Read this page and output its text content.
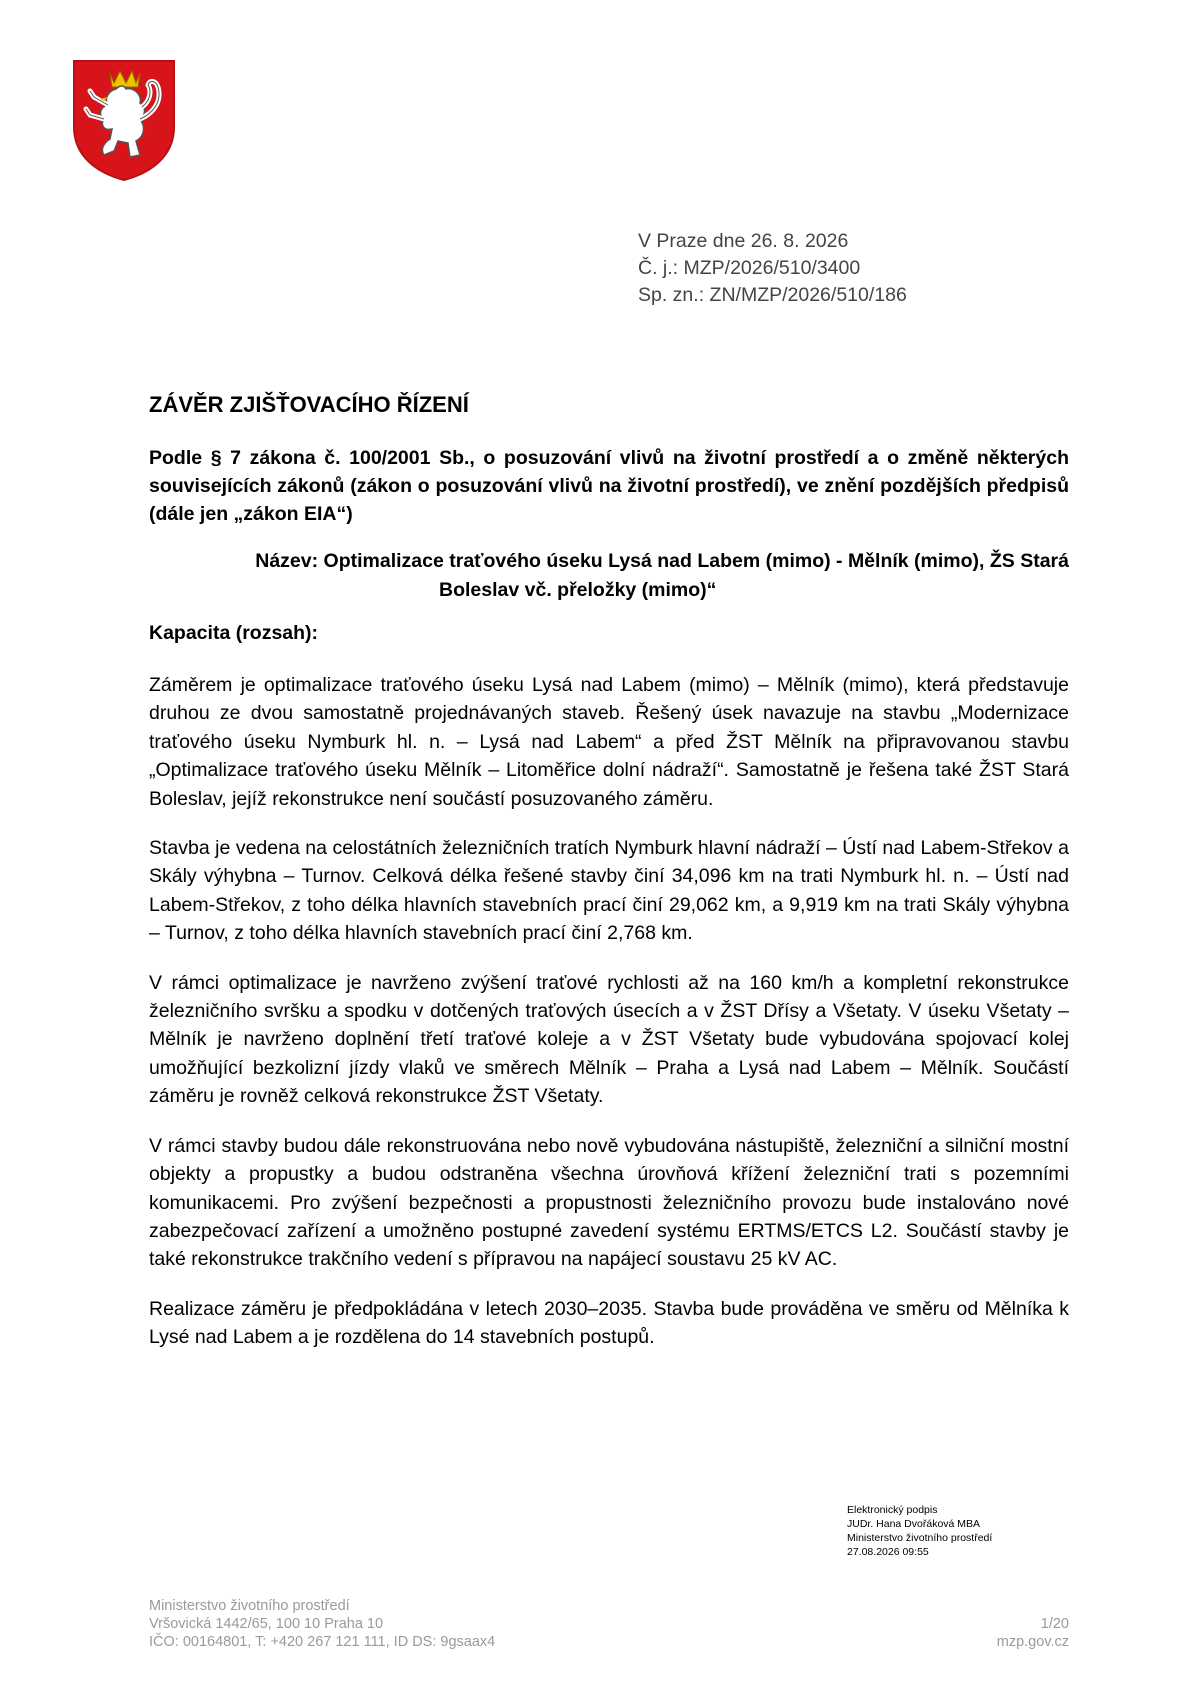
V Praze dne 26. 8. 2026
Č. j.: MZP/2026/510/3400
Sp. zn.: ZN/MZP/2026/510/186
ZÁVĚR ZJIŠŤOVACÍHO ŘÍZENÍ

Podle § 7 zákona č. 100/2001 Sb., o posuzování vlivů na životní prostředí a o změně některých souvisejících zákonů (zákon o posuzování vlivů na životní prostředí), ve znění pozdějších předpisů (dále jen „zákon EIA“)

Název: Optimalizace traťového úseku Lysá nad Labem (mimo) - Mělník (mimo), ŽS Stará
Boleslav vč. přeložky (mimo)“
Kapacita (rozsah):

Záměrem je optimalizace traťového úseku Lysá nad Labem (mimo) – Mělník (mimo), která představuje druhou ze dvou samostatně projednávaných staveb. Řešený úsek navazuje na stavbu „Modernizace traťového úseku Nymburk hl. n. – Lysá nad Labem“ a před ŽST Mělník na připravovanou stavbu „Optimalizace traťového úseku Mělník – Litoměřice dolní nádraží“. Samostatně je řešena také ŽST Stará Boleslav, jejíž rekonstrukce není součástí posuzovaného záměru.

Stavba je vedena na celostátních železničních tratích Nymburk hlavní nádraží – Ústí nad Labem-Střekov a Skály výhybna – Turnov. Celková délka řešené stavby činí 34,096 km na trati Nymburk hl. n. – Ústí nad Labem-Střekov, z toho délka hlavních stavebních prací činí 29,062 km, a 9,919 km na trati Skály výhybna – Turnov, z toho délka hlavních stavebních prací činí 2,768 km.

V rámci optimalizace je navrženo zvýšení traťové rychlosti až na 160 km/h a kompletní rekonstrukce železničního svršku a spodku v dotčených traťových úsecích a v ŽST Dřísy a Všetaty. V úseku Všetaty – Mělník je navrženo doplnění třetí traťové koleje a v ŽST Všetaty bude vybudována spojovací kolej umožňující bezkolizní jízdy vlaků ve směrech Mělník – Praha a Lysá nad Labem – Mělník. Součástí záměru je rovněž celková rekonstrukce ŽST Všetaty.

V rámci stavby budou dále rekonstruována nebo nově vybudována nástupiště, železniční a silniční mostní objekty a propustky a budou odstraněna všechna úrovňová křížení železniční trati s pozemními komunikacemi. Pro zvýšení bezpečnosti a propustnosti železničního provozu bude instalováno nové zabezpečovací zařízení a umožněno postupné zavedení systému ERTMS/ETCS L2. Součástí stavby je také rekonstrukce trakčního vedení s přípravou na napájecí soustavu 25 kV AC.

Realizace záměru je předpokládána v letech 2030–2035. Stavba bude prováděna ve směru od Mělníka k Lysé nad Labem a je rozdělena do 14 stavebních postupů.

Elektronický podpis
JUDr. Hana Dvořáková MBA
Ministerstvo životního prostředí
27.08.2026 09:55
Ministerstvo životního prostředí
Vršovická 1442/65, 100 10 Praha 10
IČO: 00164801, T: +420 267 121 111, ID DS: 9gsaax4
1/20
mzp.gov.cz
